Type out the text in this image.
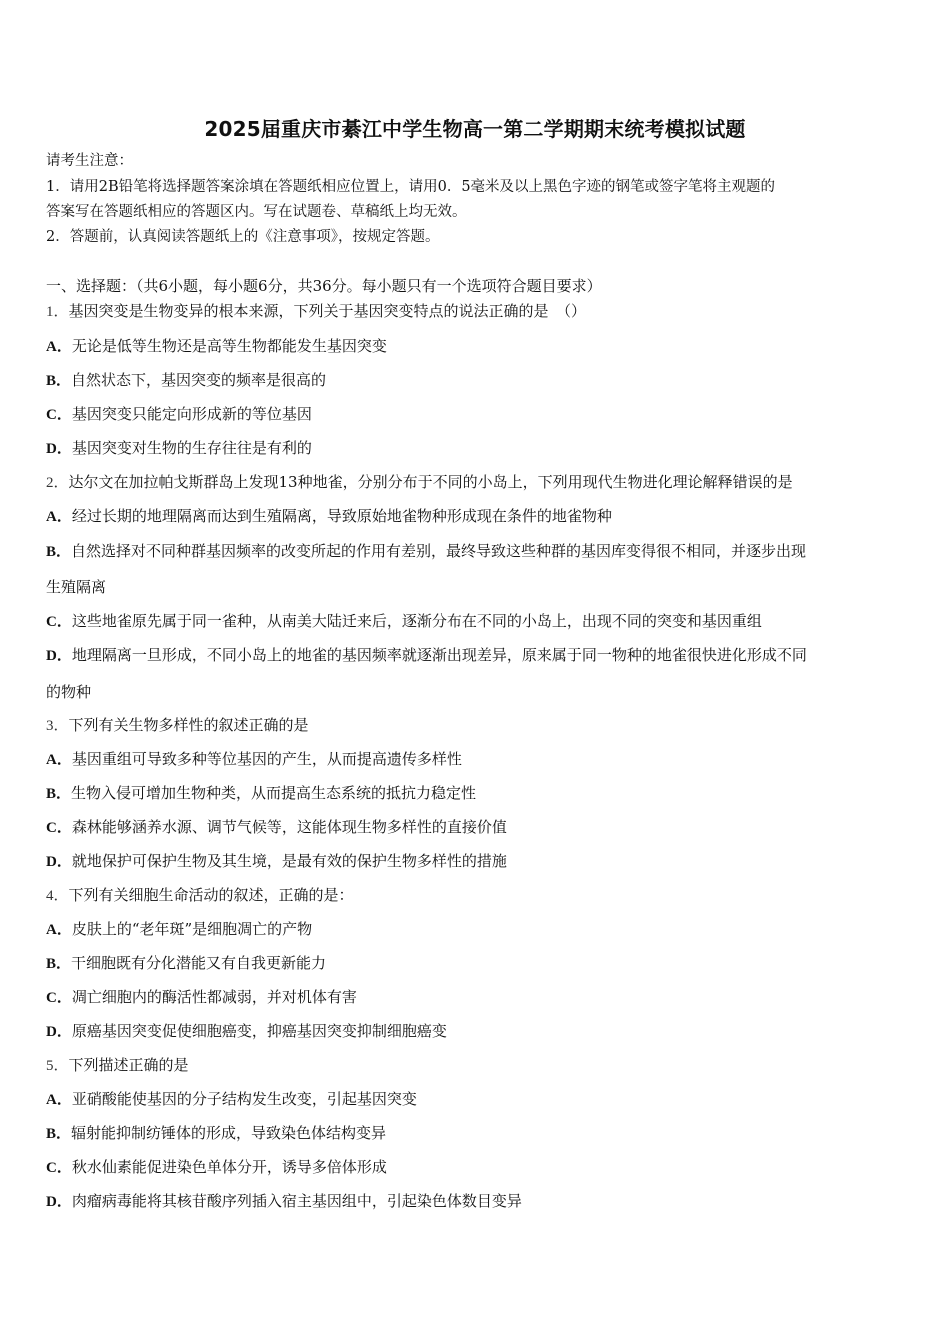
2025届重庆市綦江中学生物高一第二学期期末统考模拟试题
请考生注意：
1．请用2B铅笔将选择题答案涂填在答题纸相应位置上，请用0．5毫米及以上黑色字迹的钢笔或签字笔将主观题的
答案写在答题纸相应的答题区内。写在试题卷、草稿纸上均无效。
2．答题前，认真阅读答题纸上的《注意事项》，按规定答题。
一、选择题：（共6小题，每小题6分，共36分。每小题只有一个选项符合题目要求）
1．基因突变是生物变异的根本来源，下列关于基因突变特点的说法正确的是　（）
A．无论是低等生物还是高等生物都能发生基因突变
B．自然状态下，基因突变的频率是很高的
C．基因突变只能定向形成新的等位基因
D．基因突变对生物的生存往往是有利的
2．达尔文在加拉帕戈斯群岛上发现13种地雀，分别分布于不同的小岛上，下列用现代生物进化理论解释错误的是
A．经过长期的地理隔离而达到生殖隔离，导致原始地雀物种形成现在条件的地雀物种
B．自然选择对不同种群基因频率的改变所起的作用有差别，最终导致这些种群的基因库变得很不相同，并逐步出现
生殖隔离
C．这些地雀原先属于同一雀种，从南美大陆迁来后，逐渐分布在不同的小岛上，出现不同的突变和基因重组
D．地理隔离一旦形成，不同小岛上的地雀的基因频率就逐渐出现差异，原来属于同一物种的地雀很快进化形成不同
的物种
3．下列有关生物多样性的叙述正确的是
A．基因重组可导致多种等位基因的产生，从而提高遗传多样性
B．生物入侵可增加生物种类，从而提高生态系统的抵抗力稳定性
C．森林能够涵养水源、调节气候等，这能体现生物多样性的直接价值
D．就地保护可保护生物及其生境，是最有效的保护生物多样性的措施
4．下列有关细胞生命活动的叙述，正确的是：
A．皮肤上的“老年斑”是细胞凋亡的产物
B．干细胞既有分化潜能又有自我更新能力
C．凋亡细胞内的酶活性都减弱，并对机体有害
D．原癌基因突变促使细胞癌变，抑癌基因突变抑制细胞癌变
5．下列描述正确的是
A．亚硝酸能使基因的分子结构发生改变，引起基因突变
B．辐射能抑制纺锤体的形成，导致染色体结构变异
C．秋水仙素能促进染色单体分开，诱导多倍体形成
D．肉瘤病毒能将其核苷酸序列插入宿主基因组中，引起染色体数目变异
